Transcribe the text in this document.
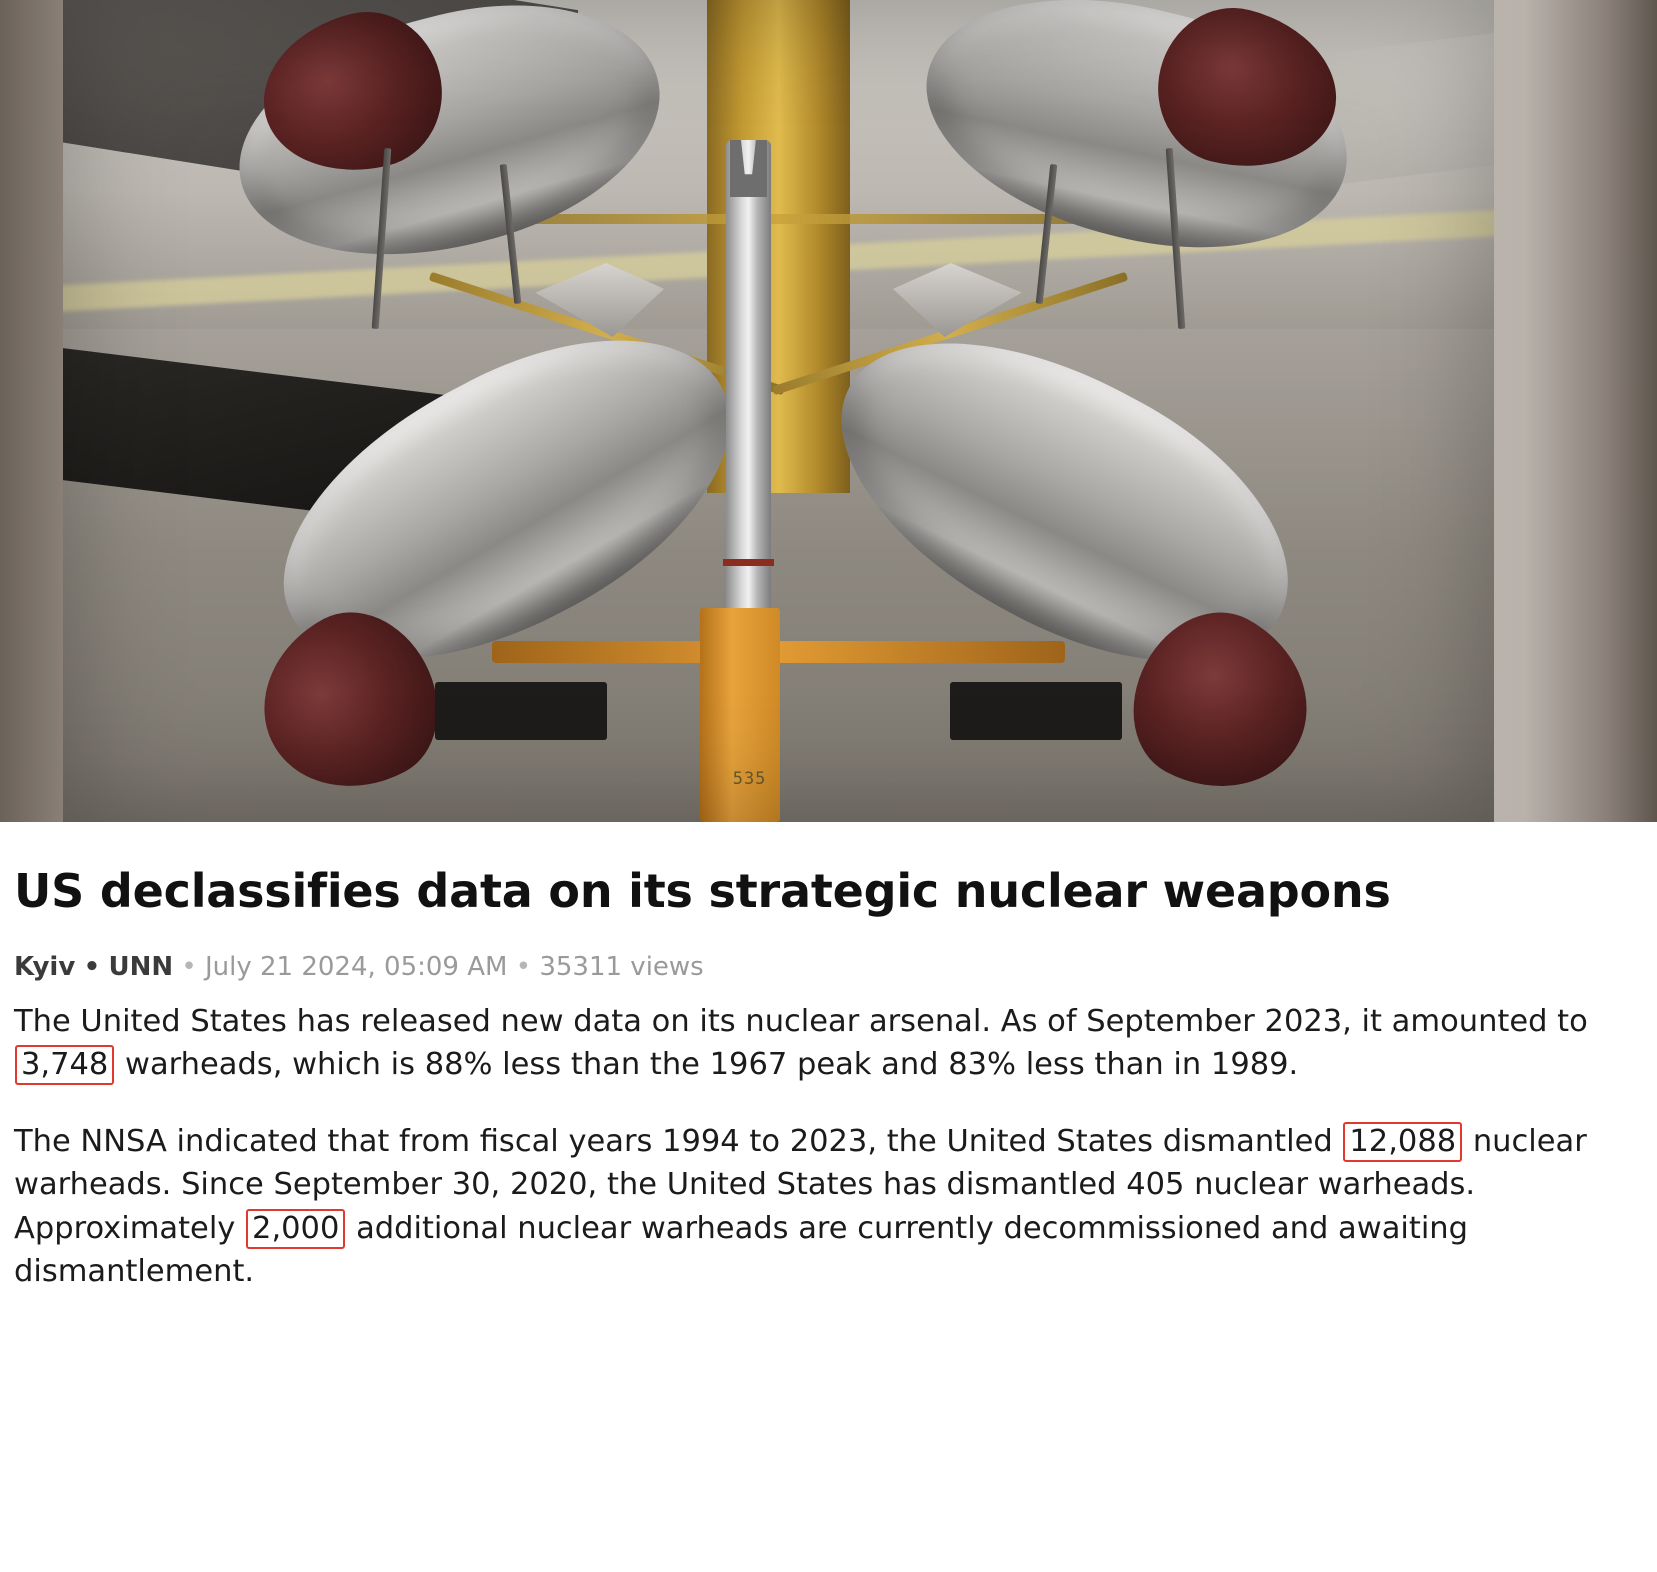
535
US declassifies data on its strategic nuclear weapons
Kyiv • UNN • July 21 2024, 05:09 AM • 35311 views

The United States has released new data on its nuclear arsenal. As of September 2023, it amounted to 3,748 warheads, which is 88% less than the 1967 peak and 83% less than in 1989.

The NNSA indicated that from fiscal years 1994 to 2023, the United States dismantled 12,088 nuclear warheads. Since September 30, 2020, the United States has dismantled 405 nuclear warheads. Approximately 2,000 additional nuclear warheads are currently decommissioned and awaiting dismantlement.
